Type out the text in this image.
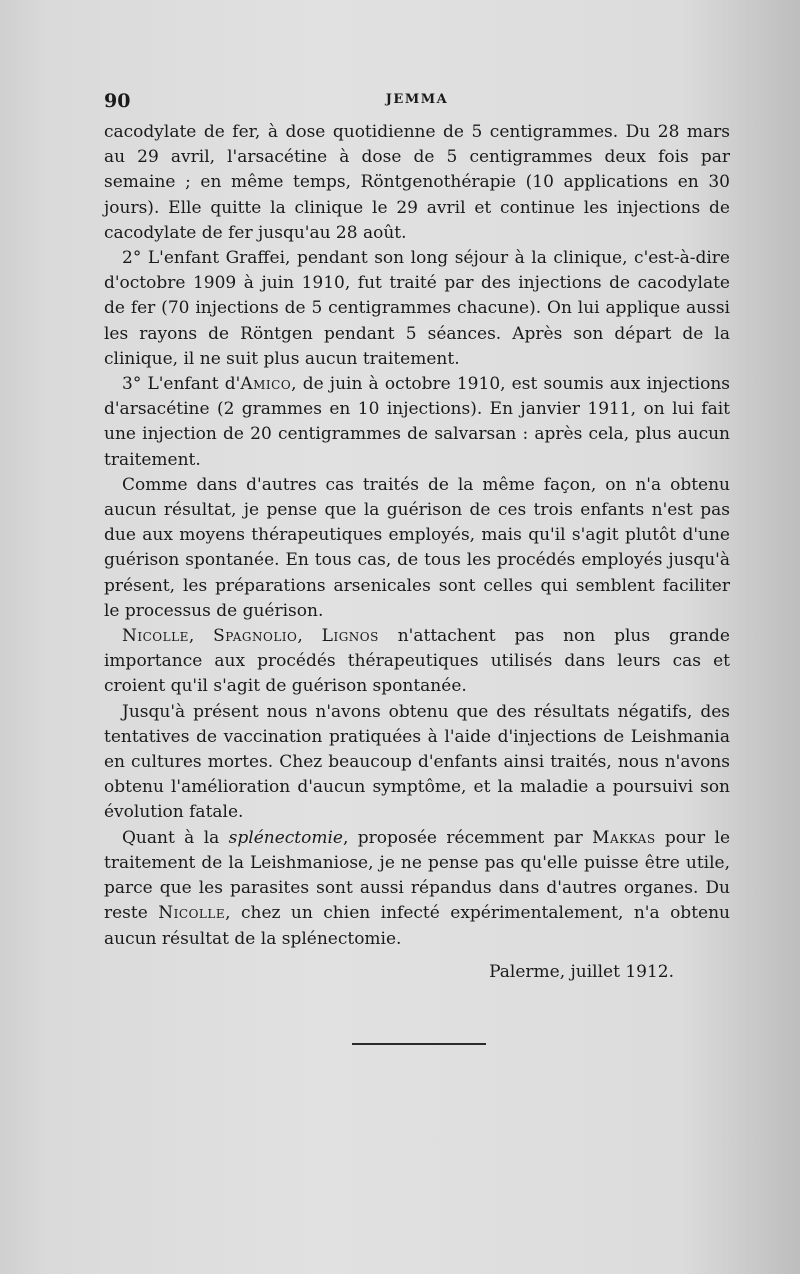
90	JEMMA

cacodylate de fer, à dose quotidienne de 5 centigrammes. Du 28 mars au 29 avril, l'arsacétine à dose de 5 centigrammes deux fois par semaine ; en même temps, Röntgenothérapie (10 applications en 30 jours). Elle quitte la clinique le 29 avril et continue les injections de cacodylate de fer jusqu'au 28 août.

2° L'enfant Graffei, pendant son long séjour à la clinique, c'est-à-dire d'octobre 1909 à juin 1910, fut traité par des injections de cacodylate de fer (70 injections de 5 centigrammes chacune). On lui applique aussi les rayons de Röntgen pendant 5 séances. Après son départ de la clinique, il ne suit plus aucun traitement.

3° L'enfant d'Amico, de juin à octobre 1910, est soumis aux injections d'arsacétine (2 grammes en 10 injections). En janvier 1911, on lui fait une injection de 20 centigrammes de salvarsan : après cela, plus aucun traitement.

Comme dans d'autres cas traités de la même façon, on n'a obtenu aucun résultat, je pense que la guérison de ces trois enfants n'est pas due aux moyens thérapeutiques employés, mais qu'il s'agit plutôt d'une guérison spontanée. En tous cas, de tous les procédés employés jusqu'à présent, les préparations arsenicales sont celles qui semblent faciliter le processus de guérison.

Nicolle, Spagnolio, Lignos n'attachent pas non plus grande importance aux procédés thérapeutiques utilisés dans leurs cas et croient qu'il s'agit de guérison spontanée.

Jusqu'à présent nous n'avons obtenu que des résultats négatifs, des tentatives de vaccination pratiquées à l'aide d'injections de Leishmania en cultures mortes. Chez beaucoup d'enfants ainsi traités, nous n'avons obtenu l'amélioration d'aucun symptôme, et la maladie a poursuivi son évolution fatale.

Quant à la splénectomie, proposée récemment par Makkas pour le traitement de la Leishmaniose, je ne pense pas qu'elle puisse être utile, parce que les parasites sont aussi répandus dans d'autres organes. Du reste Nicolle, chez un chien infecté expérimentalement, n'a obtenu aucun résultat de la splénectomie.

Palerme, juillet 1912.
